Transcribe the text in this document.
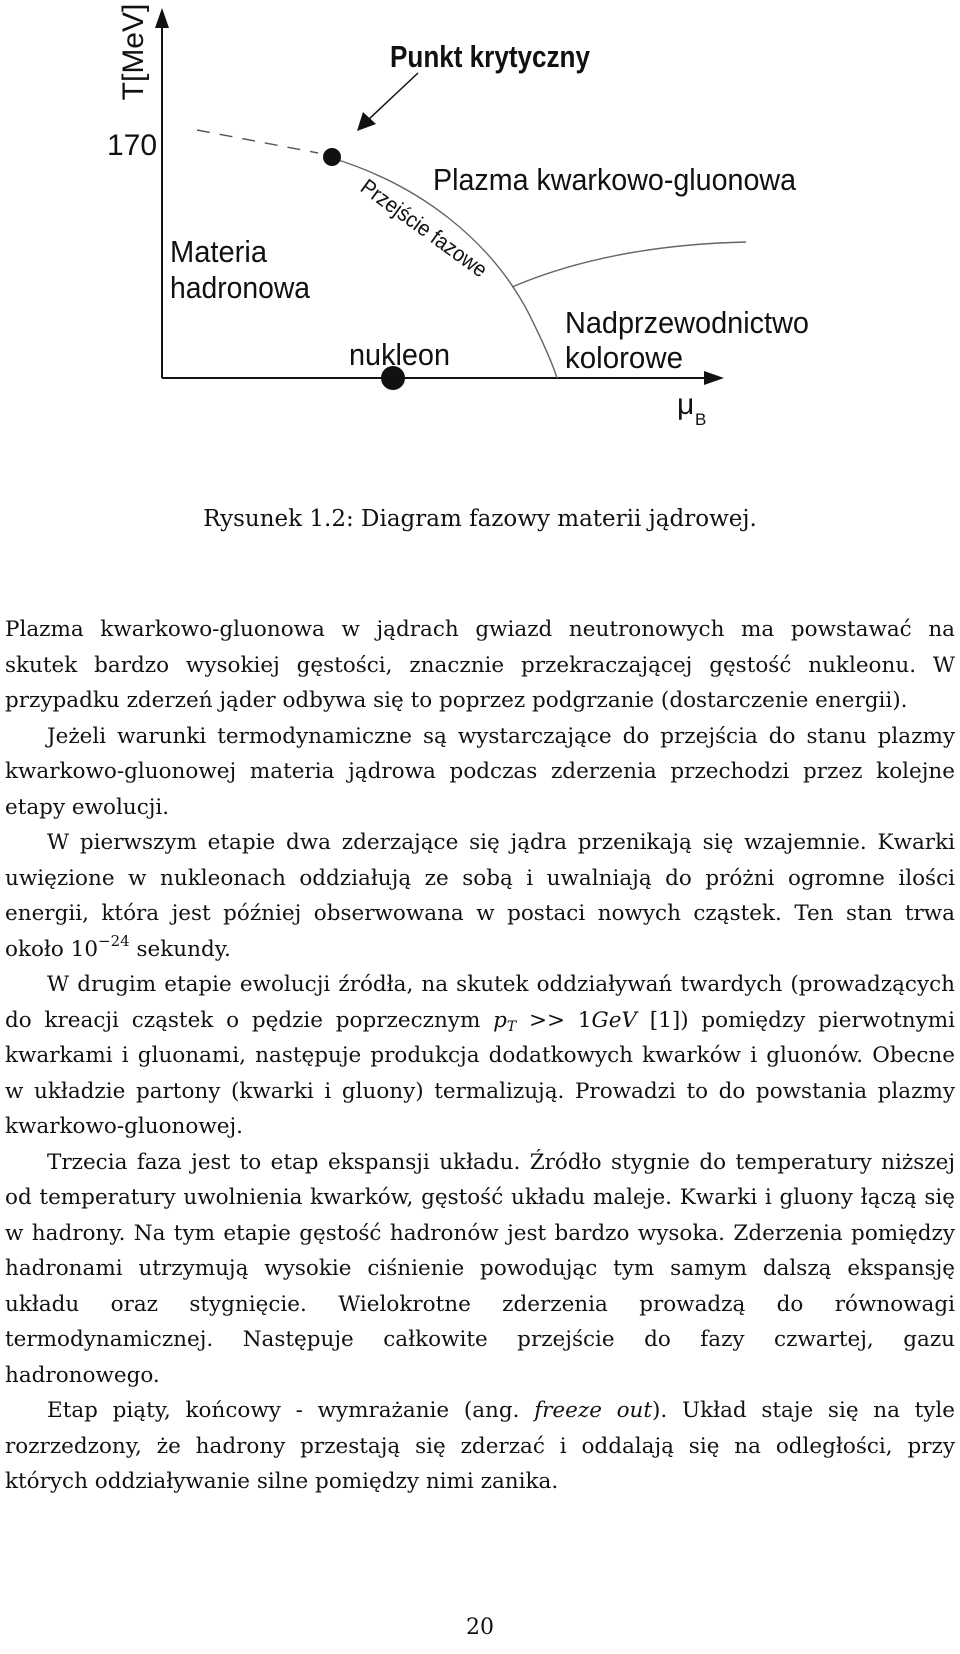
T[MeV]
170
Punkt krytyczny
Plazma kwarkowo-gluonowa
Przejście fazowe
Materia
hadronowa
nukleon
Nadprzewodnictwo
kolorowe
μ B
Rysunek 1.2: Diagram fazowy materii jądrowej.

Plazma kwarkowo-gluonowa w jądrach gwiazd neutronowych ma powstawać na skutek bardzo wysokiej gęstości, znacznie przekraczającej gęstość nukleonu. W przypadku zderzeń jąder odbywa się to poprzez podgrzanie (dostarczenie energii).

Jeżeli warunki termodynamiczne są wystarczające do przejścia do stanu plazmy kwarkowo-gluonowej materia jądrowa podczas zderzenia przechodzi przez kolejne etapy ewolucji.

W pierwszym etapie dwa zderzające się jądra przenikają się wzajemnie. Kwarki uwięzione w nukleonach oddziałują ze sobą i uwalniają do próżni ogromne ilości energii, która jest później obserwowana w postaci nowych cząstek. Ten stan trwa około $10^{-24}$ sekundy.

W drugim etapie ewolucji źródła, na skutek oddziaływań twardych (prowadzących do kreacji cząstek o pędzie poprzecznym $p_T >> 1GeV$ [1]) pomiędzy pierwotnymi kwarkami i gluonami, następuje produkcja dodatkowych kwarków i gluonów. Obecne w układzie partony (kwarki i gluony) termalizują. Prowadzi to do powstania plazmy kwarkowo-gluonowej.

Trzecia faza jest to etap ekspansji układu. Źródło stygnie do temperatury niższej od temperatury uwolnienia kwarków, gęstość układu maleje. Kwarki i gluony łączą się w hadrony. Na tym etapie gęstość hadronów jest bardzo wysoka. Zderzenia pomiędzy hadronami utrzymują wysokie ciśnienie powodując tym samym dalszą ekspansję układu oraz stygnięcie. Wielokrotne zderzenia prowadzą do równowagi termodynamicznej. Następuje całkowite przejście do fazy czwartej, gazu hadronowego.

Etap piąty, końcowy - wymrażanie (ang. freeze out). Układ staje się na tyle rozrzedzony, że hadrony przestają się zderzać i oddalają się na odległości, przy których oddziaływanie silne pomiędzy nimi zanika.

20
